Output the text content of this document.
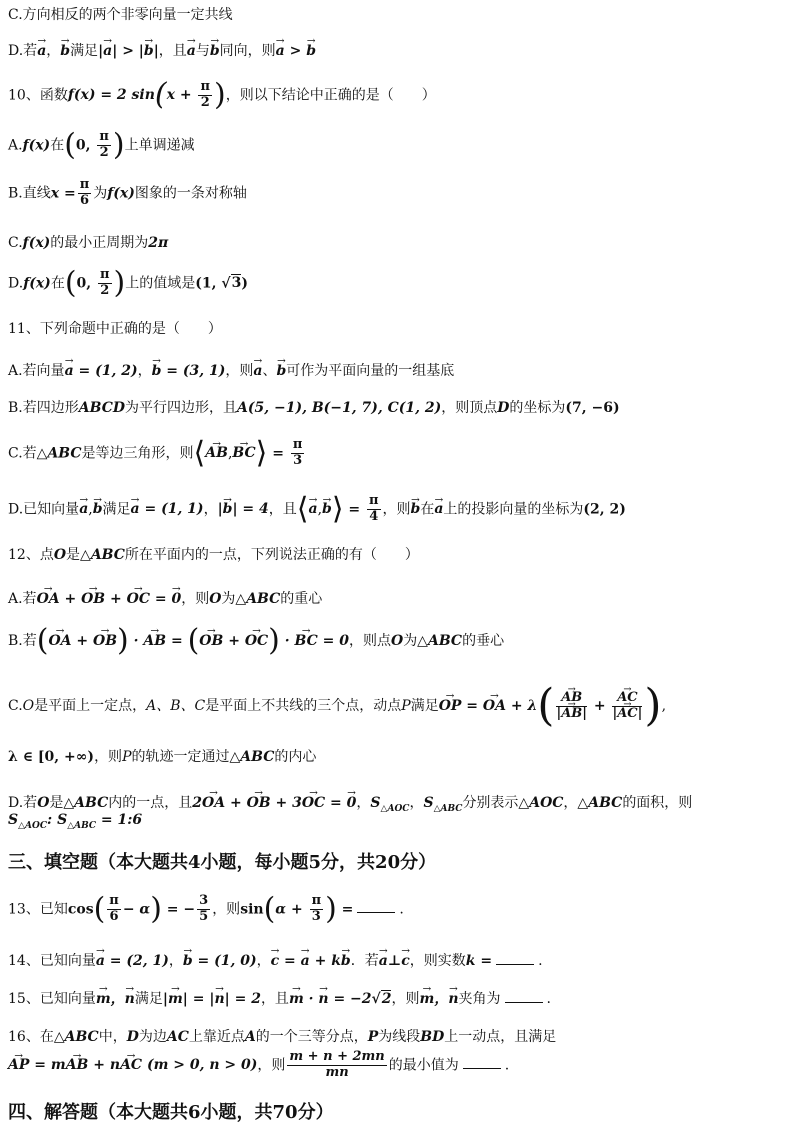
C.方向相反的两个非零向量一定共线
D.若→ a，→ b满足|→ a| > |→ b|，且→ a与→ b同向，则→ a > → b
10、函数f(x) = 2 $\sin(x + \frac{\pi}{2}$ )，则以下结论中正确的是（　　）
A.f(x)在(0, $\frac{\pi}{2}$ )上单调递减
B.直线$x = \frac{\pi}{6}$ 为f(x)图象的一条对称轴
C.f(x)的最小正周期为2π
D.f(x)在(0, $\frac{\pi}{2}$ )上的值域是(1, √3)
11、下列命题中正确的是（　　）
A.若向量→ a = (1, 2)，→ b = (3, 1)，则→ a、→ b可作为平面向量的一组基底
B.若四边形ABCD为平行四边形，且A(5, −1), B(−1, 7), C(1, 2)，则顶点D的坐标为(7, −6)
C.若△ABC是等边三角形，则⟨→ AB,→ BC⟩ = $\frac{\pi}{3}$
D.已知向量→ a,→ b满足→ a = (1, 1)，|→ b| = 4，且⟨→ a,→ b⟩ = $\frac{\pi}{4}$ ，则→ b在→ a上的投影向量的坐标为(2, 2)
12、点O是△ABC所在平面内的一点，下列说法正确的有（　　）
A.若→ OA + → OB + → OC = → 0，则O为△ABC的重心
B.若(→ OA + → OB) · → AB = (→ OB + → OC) · → BC = 0，则点O为△ABC的垂心
C.O是平面上一定点，A、B、C是平面上不共线的三个点，动点P满足→ OP = → OA + λ(
→ $\frac{AB}{|\to AB|}$ +
→ $\frac{AC}{|\to AC|}$ ),
λ ∈ [0, +∞)，则P的轨迹一定通过△ABC的内心
D.若O是△ABC内的一点，且2→ OA + → OB + 3→ OC = → 0，$S_{\triangle AOC}$，$S_{\triangle ABC}$分别表示△AOC，△ABC的面积，则
$S_{\triangle AOC}$: $S_{\triangle ABC}$ = 1:6
三、填空题（本大题共4小题，每小题5分，共20分）
13、已知$\cos( \frac{\pi}{6} - \alpha)$ = − $\frac{3}{5}$ ，则$\sin(\alpha + \frac{\pi}{3}$ ) =	.
14、已知向量→ a = (2, 1)，→ b = (1, 0)，→ c = → a + k→ b．若→ a⊥→ c，则实数k =	.
15、已知向量→ m，→ n满足|→ m| = |→ n| = 2，且→ m · → n = −2√2，则→ m，→ n夹角为	.
16、在△ABC中，D为边AC上靠近点A的一个三等分点，P为线段BD上一动点，且满足
→ AP = m→ AB + n→ AC (m > 0, n > 0)，则 $\frac{m + n + 2mn}{mn}$ 的最小值为	.
四、解答题（本大题共6小题，共70分）
